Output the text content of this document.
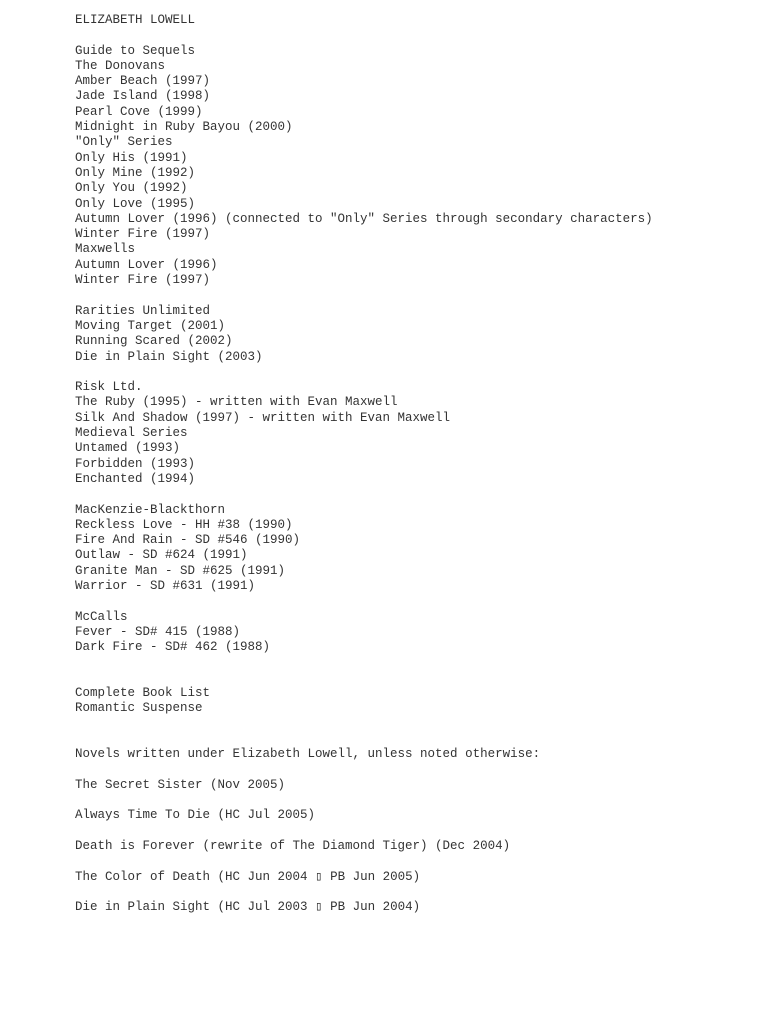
ELIZABETH LOWELL
Guide to Sequels
The Donovans
Amber Beach (1997)
Jade Island (1998)
Pearl Cove (1999)
Midnight in Ruby Bayou (2000)
"Only" Series
Only His (1991)
Only Mine (1992)
Only You (1992)
Only Love (1995)
Autumn Lover (1996) (connected to "Only" Series through secondary characters)
Winter Fire (1997)
Maxwells
Autumn Lover (1996)
Winter Fire (1997)
Rarities Unlimited
Moving Target (2001)
Running Scared (2002)
Die in Plain Sight (2003)
Risk Ltd.
The Ruby (1995) - written with Evan Maxwell
Silk And Shadow (1997) - written with Evan Maxwell
Medieval Series
Untamed (1993)
Forbidden (1993)
Enchanted (1994)
MacKenzie-Blackthorn
Reckless Love - HH #38 (1990)
Fire And Rain - SD #546 (1990)
Outlaw - SD #624 (1991)
Granite Man - SD #625 (1991)
Warrior - SD #631 (1991)
McCalls
Fever - SD# 415 (1988)
Dark Fire - SD# 462 (1988)
Complete Book List
Romantic Suspense
Novels written under Elizabeth Lowell, unless noted otherwise:
The Secret Sister (Nov 2005)
Always Time To Die (HC Jul 2005)
Death is Forever (rewrite of The Diamond Tiger) (Dec 2004)
The Color of Death (HC Jun 2004 ▯ PB Jun 2005)
Die in Plain Sight (HC Jul 2003 ▯ PB Jun 2004)
